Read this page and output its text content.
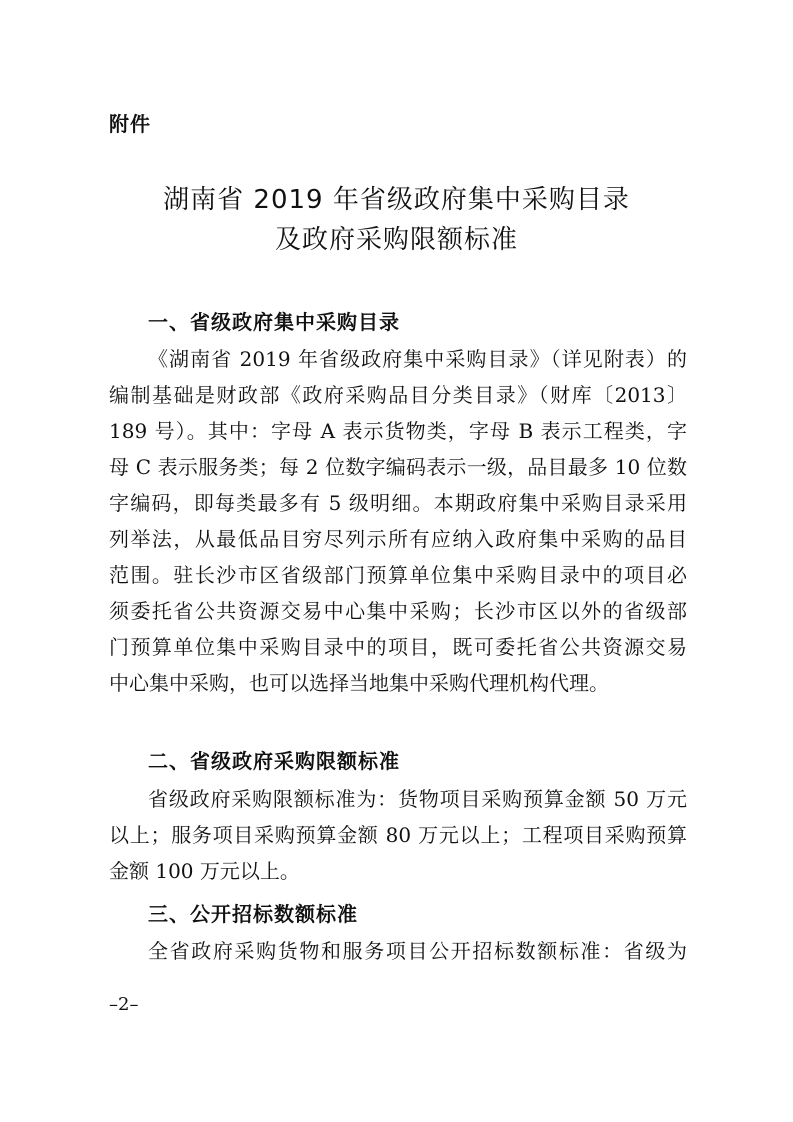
附件
湖南省 2019 年省级政府集中采购目录
及政府采购限额标准
一、省级政府集中采购目录
《湖南省 2019 年省级政府集中采购目录》（详见附表）的
编制基础是财政部《政府采购品目分类目录》（财库〔2013〕
189 号）。其中：字母 A 表示货物类，字母 B 表示工程类，字
母 C 表示服务类；每 2 位数字编码表示一级，品目最多 10 位数
字编码，即每类最多有 5 级明细。本期政府集中采购目录采用
列举法，从最低品目穷尽列示所有应纳入政府集中采购的品目
范围。驻长沙市区省级部门预算单位集中采购目录中的项目必
须委托省公共资源交易中心集中采购；长沙市区以外的省级部
门预算单位集中采购目录中的项目，既可委托省公共资源交易
中心集中采购，也可以选择当地集中采购代理机构代理。
二、省级政府采购限额标准
省级政府采购限额标准为：货物项目采购预算金额 50 万元
以上；服务项目采购预算金额 80 万元以上；工程项目采购预算
金额 100 万元以上。
三、公开招标数额标准
全省政府采购货物和服务项目公开招标数额标准：省级为
–2–
